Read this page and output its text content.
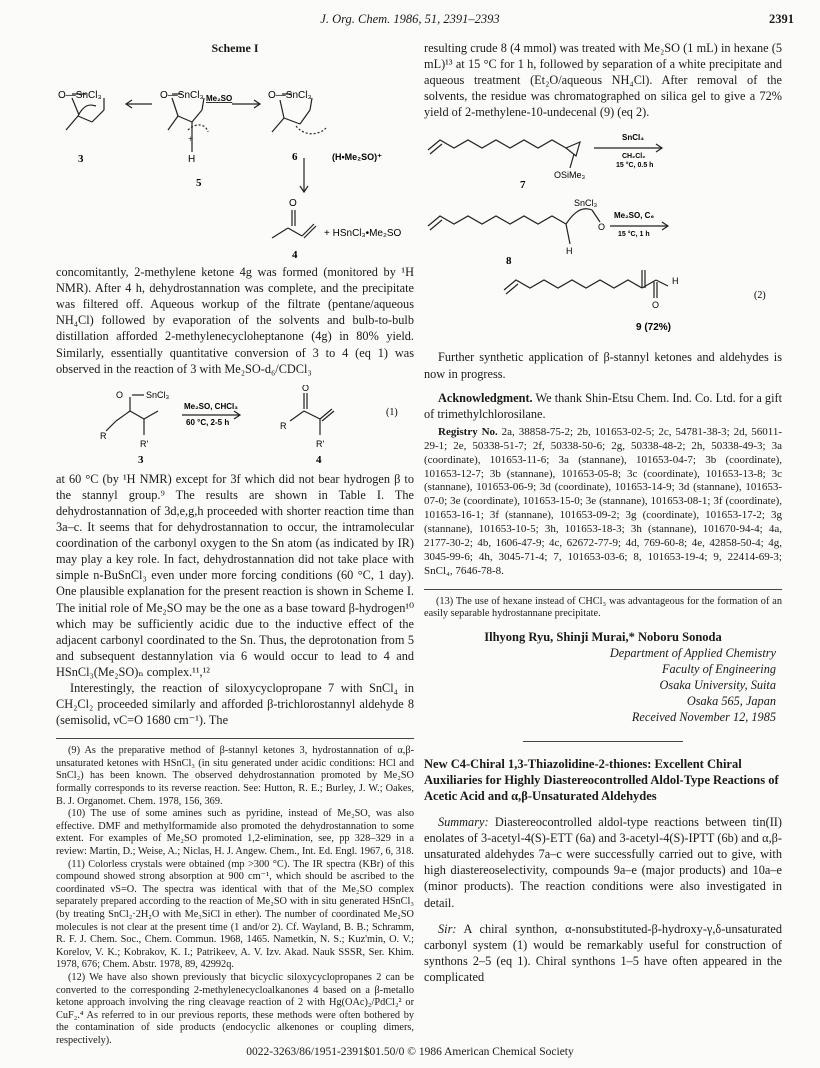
J. Org. Chem. 1986, 51, 2391–2393	2391
Scheme I
O—SnCl₃	O—SnCl₃	O—SnCl₃
Me₂SO
+
H
3
5
6	(H•Me₂SO)⁺
O
+ HSnCl₃•Me₂SO
4

concomitantly, 2-methylene ketone 4g was formed (monitored by ¹H NMR). After 4 h, dehydrostannation was complete, and the precipitate was filtered off. Aqueous workup of the filtrate (pentane/aqueous NH₄Cl) followed by evaporation of the solvents and bulb-to-bulb distillation afforded 2-methylenecycloheptanone (4g) in 80% yield. Similarly, essentially quantitative conversion of 3 to 4 (eq 1) was observed in the reaction of 3 with Me₂SO-d₆/CDCl₃

O	SnCl₃
Me₂SO, CHCl₃
60 °C, 2-5 h
R
R'
3
O
R
R'
4
(1)

at 60 °C (by ¹H NMR) except for 3f which did not bear hydrogen β to the stannyl group.⁹ The results are shown in Table I. The dehydrostannation of 3d,e,g,h proceeded with shorter reaction time than 3a–c. It seems that for dehydrostannation to occur, the intramolecular coordination of the carbonyl oxygen to the Sn atom (as indicated by IR) may play a key role. In fact, dehydrostannation did not take place with simple n-BuSnCl₃ even under more forcing conditions (60 °C, 1 day). One plausible explanation for the present reaction is shown in Scheme I. The initial role of Me₂SO may be the one as a base toward β-hydrogen¹⁰ which may be sufficiently acidic due to the inductive effect of the adjacent carbonyl coordinated to the Sn. Thus, the deprotonation from 5 and subsequent destannylation via 6 would occur to lead to 4 and HSnCl₃(Me₂SO)ₙ complex.¹¹,¹²

Interestingly, the reaction of siloxycyclopropane 7 with SnCl₄ in CH₂Cl₂ proceeded similarly and afforded β-trichlorostannyl aldehyde 8 (semisolid, νC=O 1680 cm⁻¹). The

(9) As the preparative method of β-stannyl ketones 3, hydrostannation of α,β-unsaturated ketones with HSnCl₃ (in situ generated under acidic conditions: HCl and SnCl₂) has been known. The observed dehydrostannation promoted by Me₂SO formally corresponds to its reverse reaction. See: Hutton, R. E.; Burley, J. W.; Oakes, B. J. Organomet. Chem. 1978, 156, 369.

(10) The use of some amines such as pyridine, instead of Me₂SO, was also effective. DMF and methylformamide also promoted the dehydrostannation to some extent. For examples of Me₂SO promoted 1,2-elimination, see, pp 328–329 in a review: Martin, D.; Weise, A.; Niclas, H. J. Angew. Chem., Int. Ed. Engl. 1967, 6, 318.

(11) Colorless crystals were obtained (mp >300 °C). The IR spectra (KBr) of this compound showed strong absorption at 900 cm⁻¹, which should be ascribed to the coordinated νS=O. The spectra was identical with that of the Me₂SO complex separately prepared according to the reaction of Me₂SO with in situ generated HSnCl₃ (by treating SnCl₂·2H₂O with Me₃SiCl in ether). The number of coordinated Me₂SO molecules is not clear at the present time (1 and/or 2). Cf. Wayland, B. B.; Schramm, R. F. J. Chem. Soc., Chem. Commun. 1968, 1465. Nametkin, N. S.; Kuz'min, O. V.; Korelov, V. K.; Kobrakov, K. I.; Patrikeev, A. V. Izv. Akad. Nauk SSSR, Ser. Khim. 1978, 676; Chem. Abstr. 1978, 89, 42992q.

(12) We have also shown previously that bicyclic siloxycyclopropanes 2 can be converted to the corresponding 2-methylenecycloalkanones 4 based on a β-metallo ketone approach involving the ring cleavage reaction of 2 with Hg(OAc)₂/PdCl₂² or CuF₂.⁴ As referred to in our previous reports, these methods were often bothered by the contamination of side products (endocyclic alkenones or coupling dimers, respectively).

resulting crude 8 (4 mmol) was treated with Me₂SO (1 mL) in hexane (5 mL)¹³ at 15 °C for 1 h, followed by separation of a white precipitate and aqueous treatment (Et₂O/aqueous NH₄Cl). After removal of the solvents, the residue was chromatographed on silica gel to give a 72% yield of 2-methylene-10-undecenal (9) (eq 2).

SnCl₄
CH₂Cl₂
15 °C, 0.5 h
OSiMe₃
7
SnCl₃
O
Me₂SO, C₆
15 °C, 1 h
H
8
H
O
(2)
9 (72%)

Further synthetic application of β-stannyl ketones and aldehydes is now in progress.

Acknowledgment. We thank Shin-Etsu Chem. Ind. Co. Ltd. for a gift of trimethylchlorosilane.

Registry No. 2a, 38858-75-2; 2b, 101653-02-5; 2c, 54781-38-3; 2d, 56011-29-1; 2e, 50338-51-7; 2f, 50338-50-6; 2g, 50338-48-2; 2h, 50338-49-3; 3a (coordinate), 101653-11-6; 3a (stannane), 101653-04-7; 3b (coordinate), 101653-12-7; 3b (stannane), 101653-05-8; 3c (coordinate), 101653-13-8; 3c (stannane), 101653-06-9; 3d (coordinate), 101653-14-9; 3d (stannane), 101653-07-0; 3e (coordinate), 101653-15-0; 3e (stannane), 101653-08-1; 3f (coordinate), 101653-16-1; 3f (stannane), 101653-09-2; 3g (coordinate), 101653-17-2; 3g (stannane), 101653-10-5; 3h, 101653-18-3; 3h (stannane), 101670-94-4; 4a, 2177-30-2; 4b, 1606-47-9; 4c, 62672-77-9; 4d, 769-60-8; 4e, 42858-50-4; 4g, 3045-99-6; 4h, 3045-71-4; 7, 101653-03-6; 8, 101653-19-4; 9, 22414-69-3; SnCl₄, 7646-78-8.

(13) The use of hexane instead of CHCl₃ was advantageous for the formation of an easily separable hydrostannane precipitate.

Ilhyong Ryu, Shinji Murai,* Noboru Sonoda
Department of Applied Chemistry
Faculty of Engineering
Osaka University, Suita
Osaka 565, Japan
Received November 12, 1985
New C4-Chiral 1,3-Thiazolidine-2-thiones: Excellent Chiral Auxiliaries for Highly Diastereocontrolled Aldol-Type Reactions of Acetic Acid and α,β-Unsaturated Aldehydes

Summary: Diastereocontrolled aldol-type reactions between tin(II) enolates of 3-acetyl-4(S)-ETT (6a) and 3-acetyl-4(S)-IPTT (6b) and α,β-unsaturated aldehydes 7a–c were successfully carried out to give, with high diastereoselectivity, compounds 9a–e (major products) and 10a–e (minor products). The reaction conditions were also investigated in detail.

Sir: A chiral synthon, α-nonsubstituted-β-hydroxy-γ,δ-unsaturated carbonyl system (1) would be remarkably useful for construction of synthons 2–5 (eq 1). Chiral synthons 1–5 have often appeared in the complicated

0022-3263/86/1951-2391$01.50/0 © 1986 American Chemical Society
